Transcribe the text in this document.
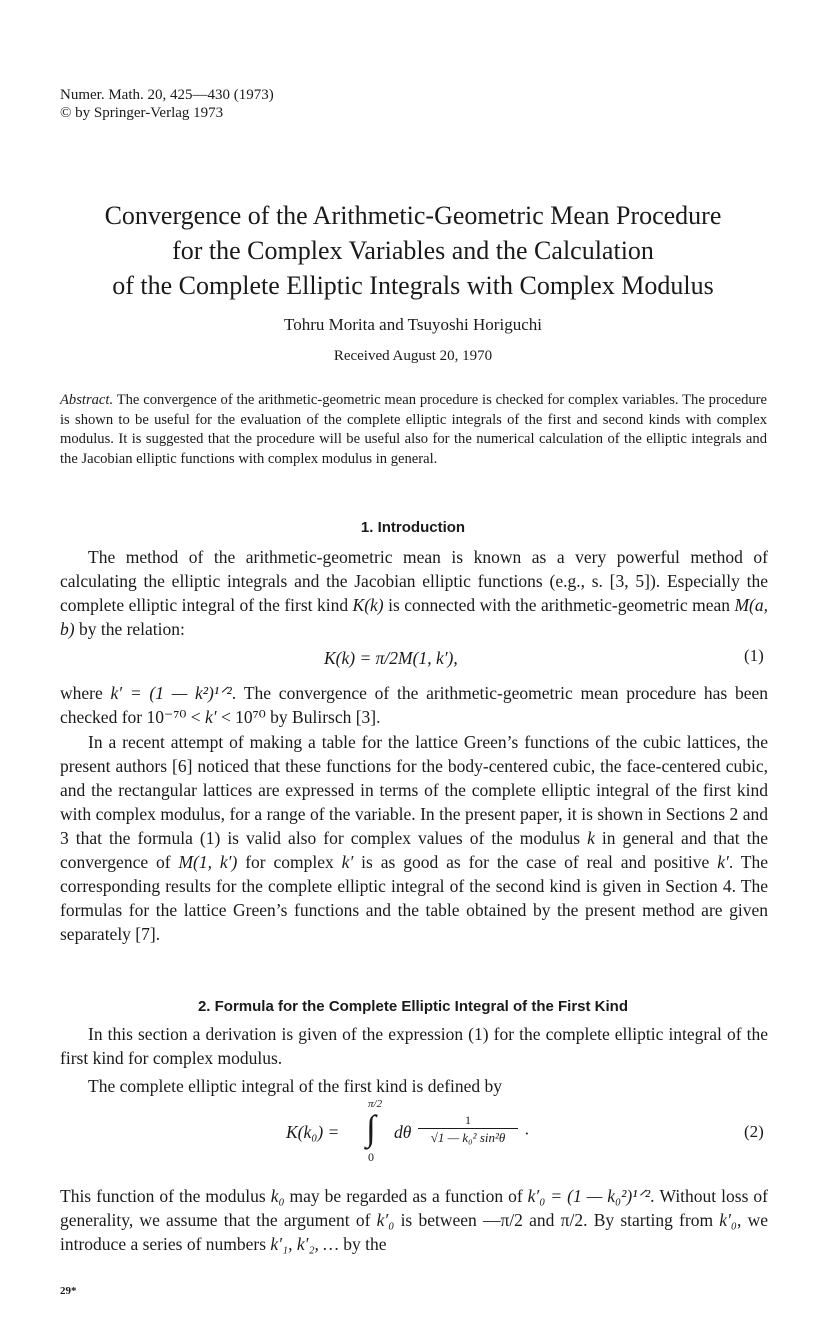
Numer. Math. 20, 425—430 (1973)
© by Springer-Verlag 1973
Convergence of the Arithmetic-Geometric Mean Procedure
for the Complex Variables and the Calculation
of the Complete Elliptic Integrals with Complex Modulus
Tohru Morita and Tsuyoshi Horiguchi
Received August 20, 1970
Abstract. The convergence of the arithmetic-geometric mean procedure is checked for complex variables. The procedure is shown to be useful for the evaluation of the complete elliptic integrals of the first and second kinds with complex modulus. It is suggested that the procedure will be useful also for the numerical calculation of the elliptic integrals and the Jacobian elliptic functions with complex modulus in general.
1. Introduction

The method of the arithmetic-geometric mean is known as a very powerful method of calculating the elliptic integrals and the Jacobian elliptic functions (e.g., s. [3, 5]). Especially the complete elliptic integral of the first kind K(k) is connected with the arithmetic-geometric mean M(a, b) by the relation:

K(k) = π/2M(1, k′),	(1)

where k′ = (1 — k²)¹ᐟ². The convergence of the arithmetic-geometric mean procedure has been checked for 10⁻⁷⁰ < k′ < 10⁷⁰ by Bulirsch [3].

In a recent attempt of making a table for the lattice Green’s functions of the cubic lattices, the present authors [6] noticed that these functions for the body-centered cubic, the face-centered cubic, and the rectangular lattices are expressed in terms of the complete elliptic integral of the first kind with complex modulus, for a range of the variable. In the present paper, it is shown in Sections 2 and 3 that the formula (1) is valid also for complex values of the modulus k in general and that the convergence of M(1, k′) for complex k′ is as good as for the case of real and positive k′. The corresponding results for the complete elliptic integral of the second kind is given in Section 4. The formulas for the lattice Green’s functions and the table obtained by the present method are given separately [7].

2. Formula for the Complete Elliptic Integral of the First Kind

In this section a derivation is given of the expression (1) for the complete elliptic integral of the first kind for complex modulus.

The complete elliptic integral of the first kind is defined by

K(k₀) =
π/2
∫
0
dθ $\frac{1}{\text{√1 — k₀² sin²θ}}$ ·	(2)

This function of the modulus k₀ may be regarded as a function of k′₀ = (1 — k₀²)¹ᐟ². Without loss of generality, we assume that the argument of k′₀ is between —π/2 and π/2. By starting from k′₀, we introduce a series of numbers k′₁, k′₂, … by the

29*
